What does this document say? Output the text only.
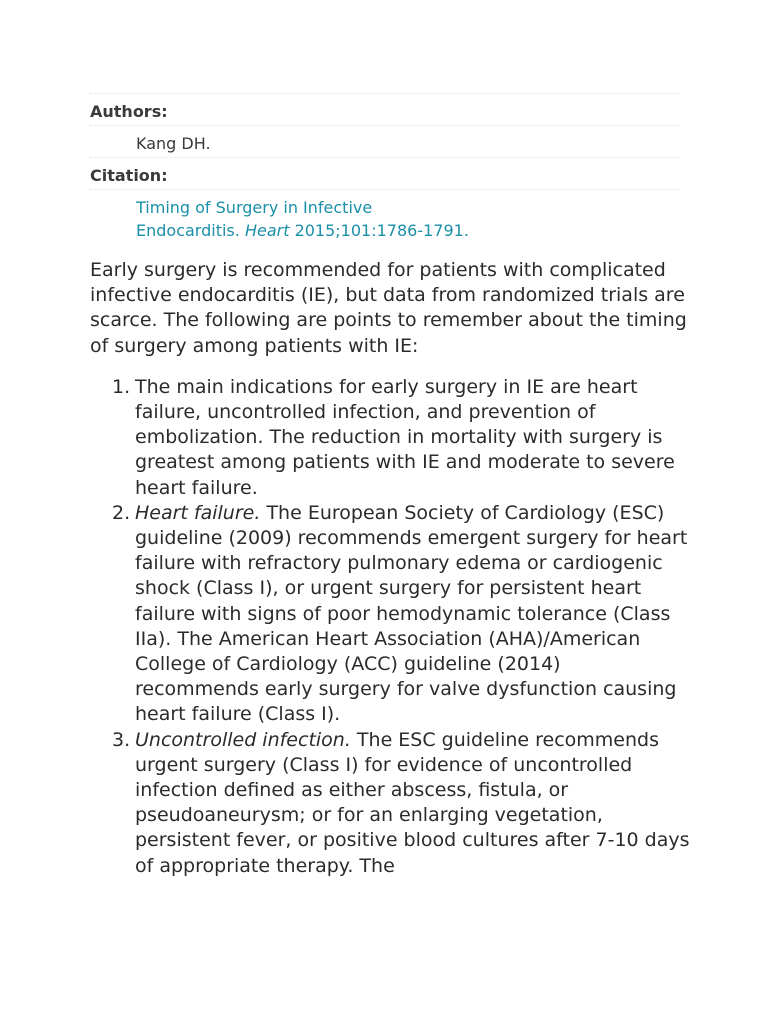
Authors:
Kang DH.
Citation:
Timing of Surgery in Infective
Endocarditis. Heart 2015;101:1786-1791.

Early surgery is recommended for patients with complicated infective endocarditis (IE), but data from randomized trials are scarce. The following are points to remember about the timing of surgery among patients with IE:

1. The main indications for early surgery in IE are heart failure, uncontrolled infection, and prevention of embolization. The reduction in mortality with surgery is greatest among patients with IE and moderate to severe heart failure.
2. Heart failure. The European Society of Cardiology (ESC) guideline (2009) recommends emergent surgery for heart failure with refractory pulmonary edema or cardiogenic shock (Class I), or urgent surgery for persistent heart failure with signs of poor hemodynamic tolerance (Class IIa). The American Heart Association (AHA)/American College of Cardiology (ACC) guideline (2014) recommends early surgery for valve dysfunction causing heart failure (Class I).
3. Uncontrolled infection. The ESC guideline recommends urgent surgery (Class I) for evidence of uncontrolled infection defined as either abscess, fistula, or pseudoaneurysm; or for an enlarging vegetation, persistent fever, or positive blood cultures after 7-10 days of appropriate therapy. The
